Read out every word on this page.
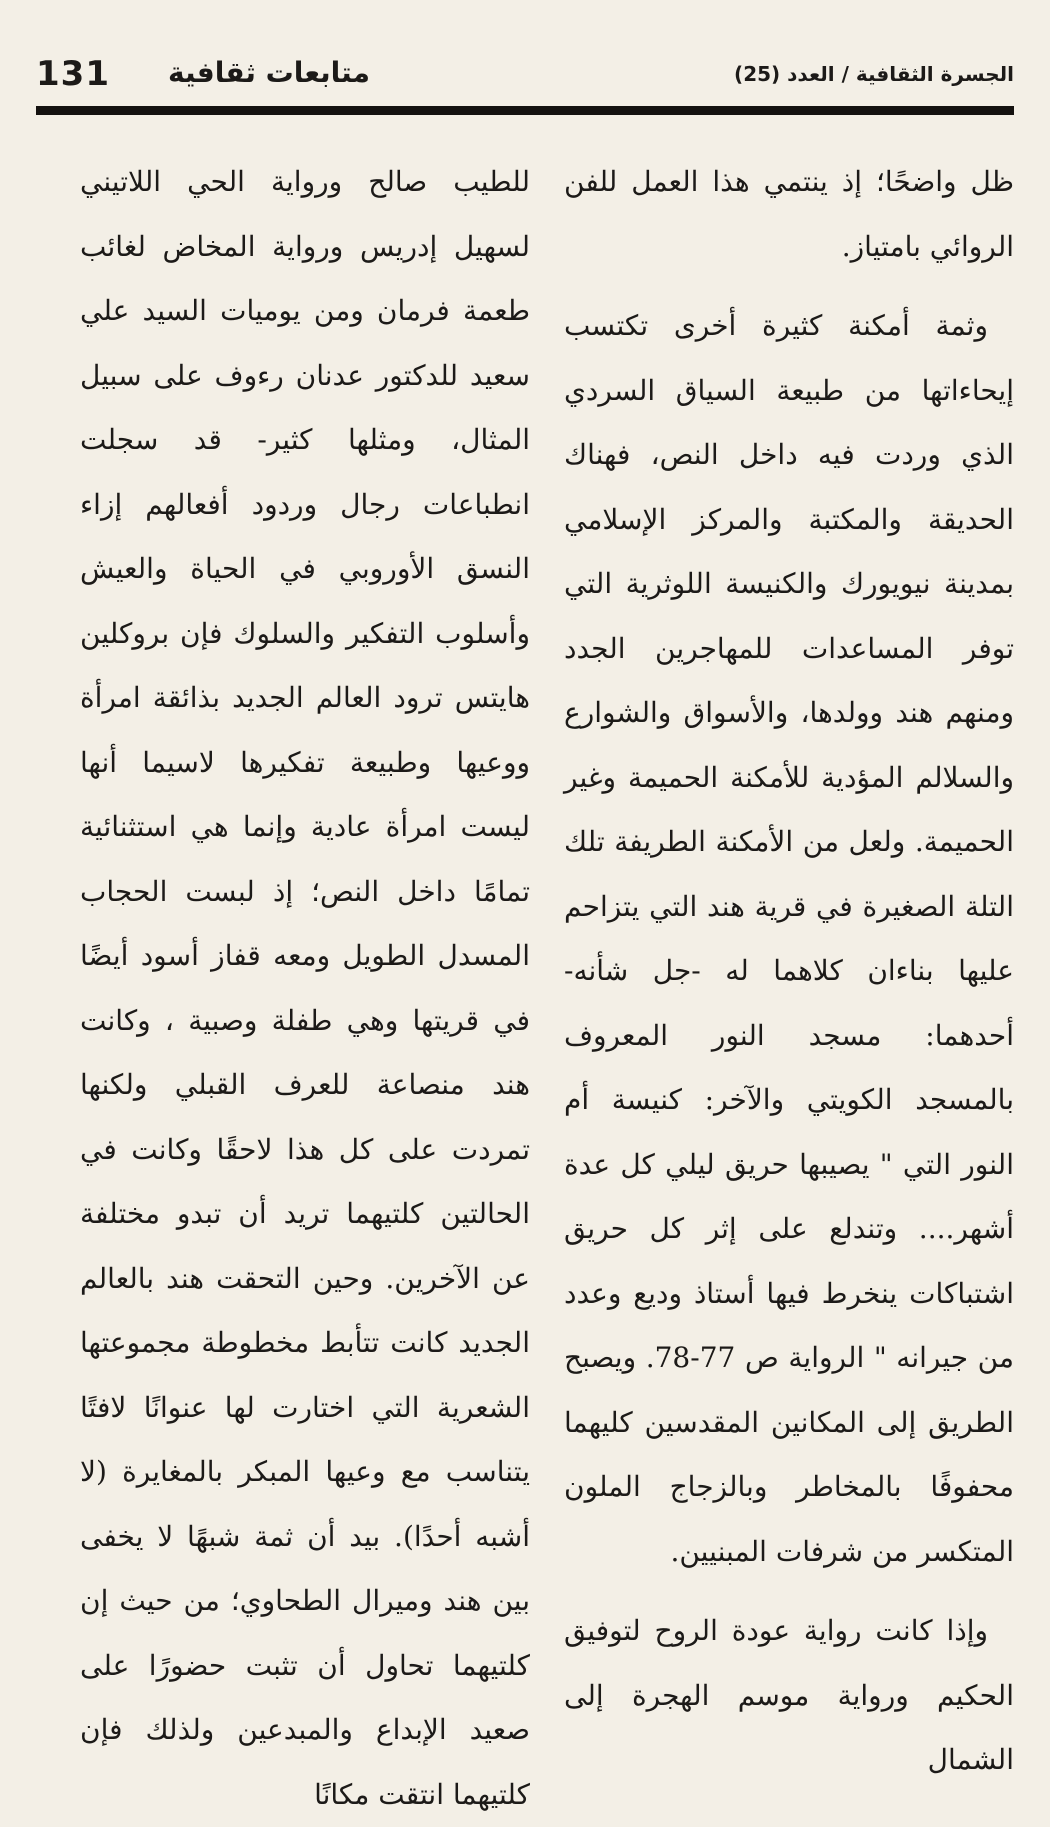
131 متابعات ثقافية	الجسرة الثقافية / العدد (25)

ظل واضحًا؛ إذ ينتمي هذا العمل للفن الروائي بامتياز.

وثمة أمكنة كثيرة أخرى تكتسب إيحاءاتها من طبيعة السياق السردي الذي وردت فيه داخل النص، فهناك الحديقة والمكتبة والمركز الإسلامي بمدينة نيويورك والكنيسة اللوثرية التي توفر المساعدات للمهاجرين الجدد ومنهم هند وولدها، والأسواق والشوارع والسلالم المؤدية للأمكنة الحميمة وغير الحميمة. ولعل من الأمكنة الطريفة تلك التلة الصغيرة في قرية هند التي يتزاحم عليها بناءان كلاهما له -جل شأنه- أحدهما: مسجد النور المعروف بالمسجد الكويتي والآخر: كنيسة أم النور التي " يصيبها حريق ليلي كل عدة أشهر.... وتندلع على إثر كل حريق اشتباكات ينخرط فيها أستاذ وديع وعدد من جيرانه " الرواية ص 77-78. ويصبح الطريق إلى المكانين المقدسين كليهما محفوفًا بالمخاطر وبالزجاج الملون المتكسر من شرفات المبنيين.

وإذا كانت رواية عودة الروح لتوفيق الحكيم ورواية موسم الهجرة إلى الشمال

للطيب صالح ورواية الحي اللاتيني لسهيل إدريس ورواية المخاض لغائب طعمة فرمان ومن يوميات السيد علي سعيد للدكتور عدنان رءوف على سبيل المثال، ومثلها كثير- قد سجلت انطباعات رجال وردود أفعالهم إزاء النسق الأوروبي في الحياة والعيش وأسلوب التفكير والسلوك فإن بروكلين هايتس ترود العالم الجديد بذائقة امرأة ووعيها وطبيعة تفكيرها لاسيما أنها ليست امرأة عادية وإنما هي استثنائية تمامًا داخل النص؛ إذ لبست الحجاب المسدل الطويل ومعه قفاز أسود أيضًا في قريتها وهي طفلة وصبية ، وكانت هند منصاعة للعرف القبلي ولكنها تمردت على كل هذا لاحقًا وكانت في الحالتين كلتيهما تريد أن تبدو مختلفة عن الآخرين. وحين التحقت هند بالعالم الجديد كانت تتأبط مخطوطة مجموعتها الشعرية التي اختارت لها عنوانًا لافتًا يتناسب مع وعيها المبكر بالمغايرة (لا أشبه أحدًا). بيد أن ثمة شبهًا لا يخفى بين هند وميرال الطحاوي؛ من حيث إن كلتيهما تحاول أن تثبت حضورًا على صعيد الإبداع والمبدعين ولذلك فإن كلتيهما انتقت مكانًا
